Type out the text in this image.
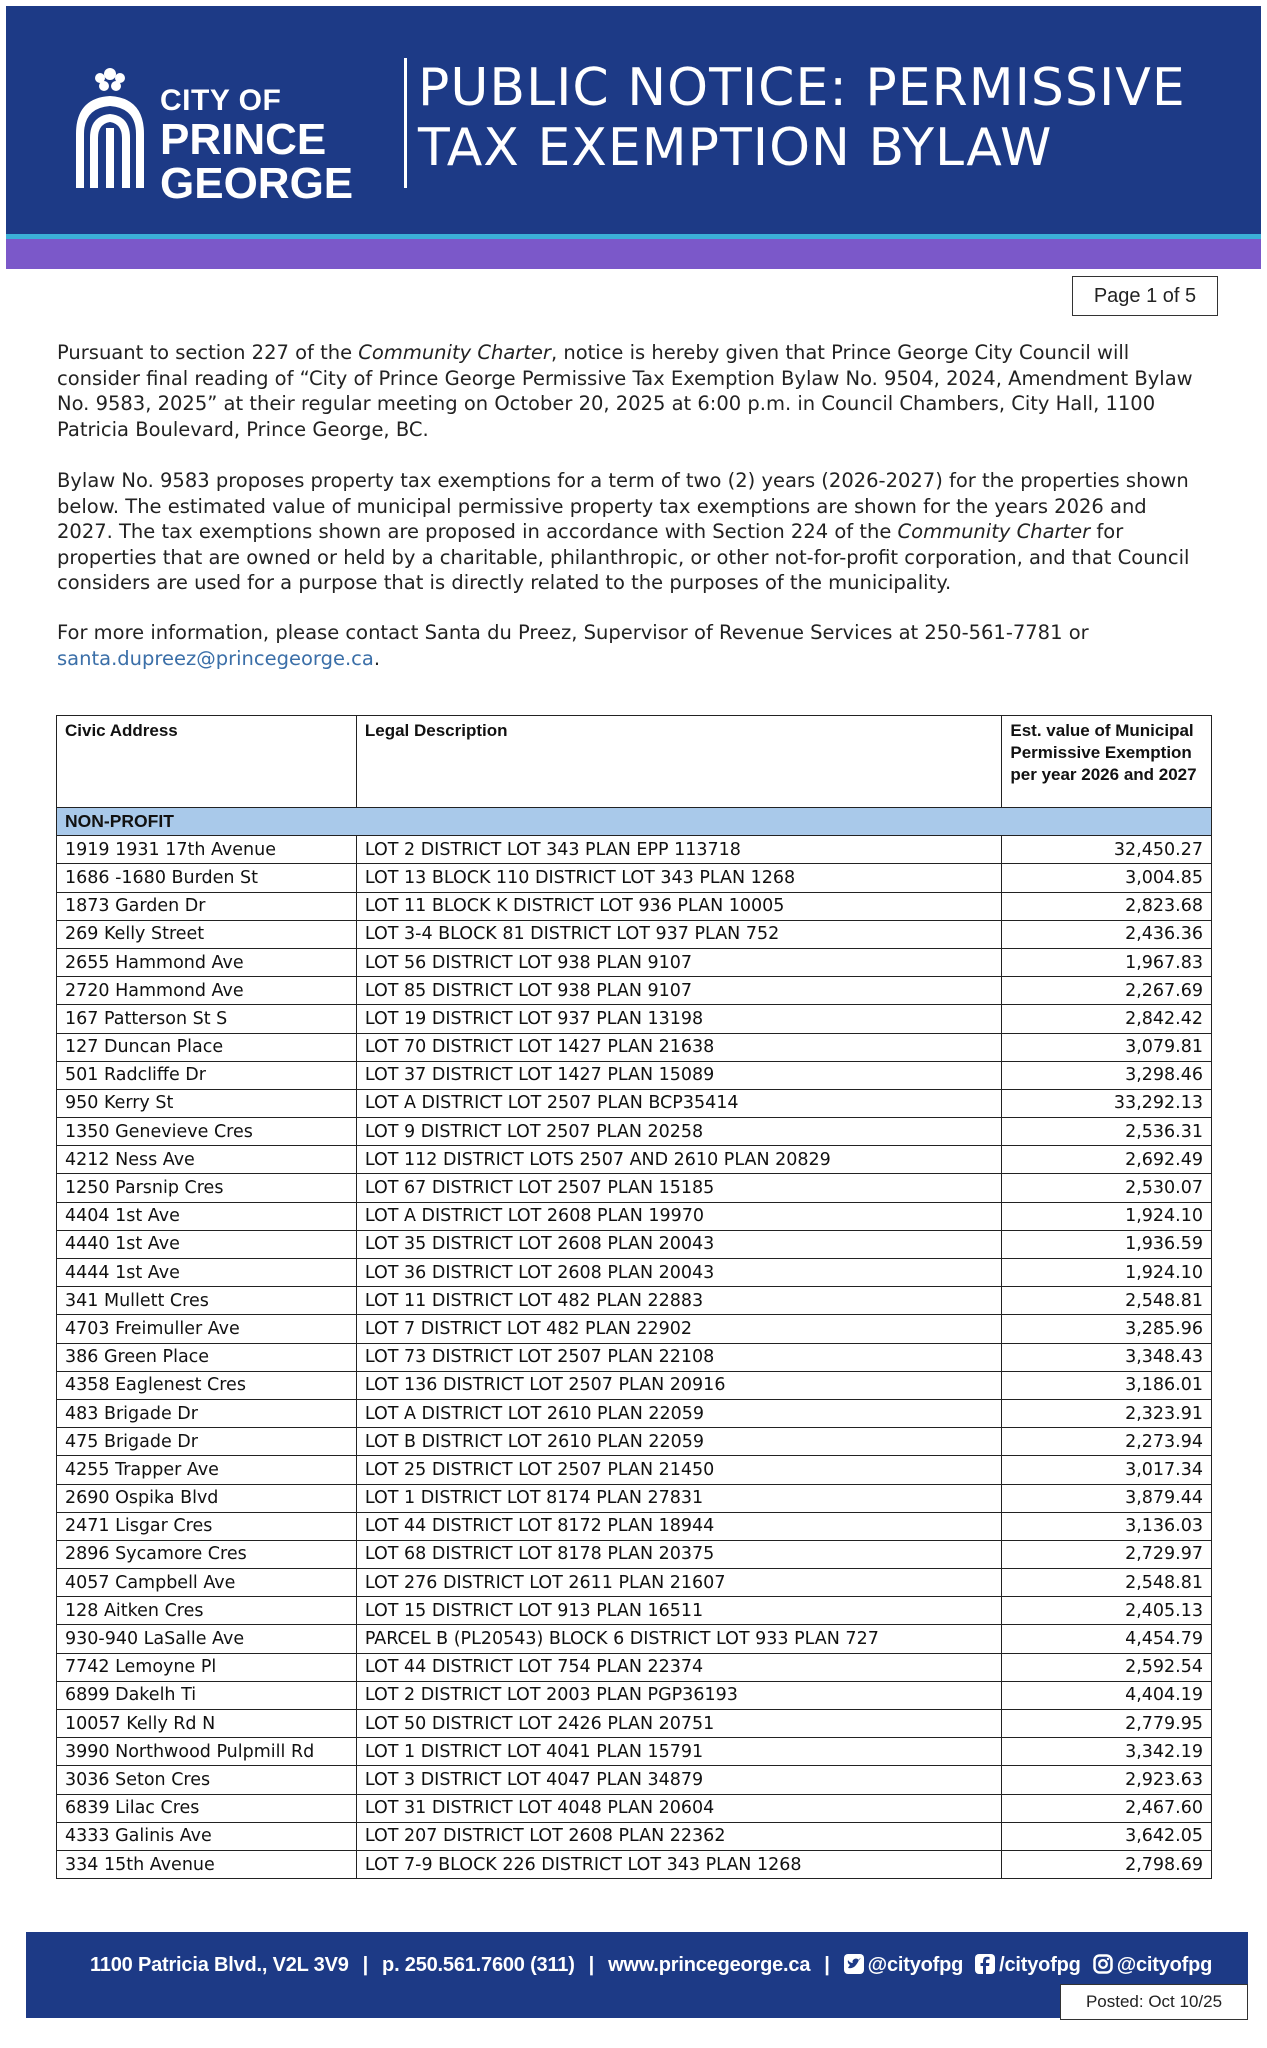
CITY OF
PRINCE
GEORGE
PUBLIC NOTICE: PERMISSIVE
TAX EXEMPTION BYLAW
Page 1 of 5
Pursuant to section 227 of the Community Charter, notice is hereby given that Prince George City Council will consider final reading of “City of Prince George Permissive Tax Exemption Bylaw No. 9504, 2024, Amendment Bylaw No. 9583, 2025” at their regular meeting on October 20, 2025 at 6:00 p.m. in Council Chambers, City Hall, 1100 Patricia Boulevard, Prince George, BC.
Bylaw No. 9583 proposes property tax exemptions for a term of two (2) years (2026-2027) for the properties shown below. The estimated value of municipal permissive property tax exemptions are shown for the years 2026 and 2027. The tax exemptions shown are proposed in accordance with Section 224 of the Community Charter for properties that are owned or held by a charitable, philanthropic, or other not-for-profit corporation, and that Council considers are used for a purpose that is directly related to the purposes of the municipality.
For more information, please contact Santa du Preez, Supervisor of Revenue Services at 250-561-7781 or
santa.dupreez@princegeorge.ca.
Civic Address	Legal Description	Est. value of Municipal Permissive Exemption per year 2026 and 2027
NON-PROFIT		
1919 1931 17th Avenue	LOT 2 DISTRICT LOT 343 PLAN EPP 113718	32,450.27
1686 -1680 Burden St	LOT 13 BLOCK 110 DISTRICT LOT 343 PLAN 1268	3,004.85
1873 Garden Dr	LOT 11 BLOCK K DISTRICT LOT 936 PLAN 10005	2,823.68
269 Kelly Street	LOT 3-4 BLOCK 81 DISTRICT LOT 937 PLAN 752	2,436.36
2655 Hammond Ave	LOT 56 DISTRICT LOT 938 PLAN 9107	1,967.83
2720 Hammond Ave	LOT 85 DISTRICT LOT 938 PLAN 9107	2,267.69
167 Patterson St S	LOT 19 DISTRICT LOT 937 PLAN 13198	2,842.42
127 Duncan Place	LOT 70 DISTRICT LOT 1427 PLAN 21638	3,079.81
501 Radcliffe Dr	LOT 37 DISTRICT LOT 1427 PLAN 15089	3,298.46
950 Kerry St	LOT A DISTRICT LOT 2507 PLAN BCP35414	33,292.13
1350 Genevieve Cres	LOT 9 DISTRICT LOT 2507 PLAN 20258	2,536.31
4212 Ness Ave	LOT 112 DISTRICT LOTS 2507 AND 2610 PLAN 20829	2,692.49
1250 Parsnip Cres	LOT 67 DISTRICT LOT 2507 PLAN 15185	2,530.07
4404 1st Ave	LOT A DISTRICT LOT 2608 PLAN 19970	1,924.10
4440 1st Ave	LOT 35 DISTRICT LOT 2608 PLAN 20043	1,936.59
4444 1st Ave	LOT 36 DISTRICT LOT 2608 PLAN 20043	1,924.10
341 Mullett Cres	LOT 11 DISTRICT LOT 482 PLAN 22883	2,548.81
4703 Freimuller Ave	LOT 7 DISTRICT LOT 482 PLAN 22902	3,285.96
386 Green Place	LOT 73 DISTRICT LOT 2507 PLAN 22108	3,348.43
4358 Eaglenest Cres	LOT 136 DISTRICT LOT 2507 PLAN 20916	3,186.01
483 Brigade Dr	LOT A DISTRICT LOT 2610 PLAN 22059	2,323.91
475 Brigade Dr	LOT B DISTRICT LOT 2610 PLAN 22059	2,273.94
4255 Trapper Ave	LOT 25 DISTRICT LOT 2507 PLAN 21450	3,017.34
2690 Ospika Blvd	LOT 1 DISTRICT LOT 8174 PLAN 27831	3,879.44
2471 Lisgar Cres	LOT 44 DISTRICT LOT 8172 PLAN 18944	3,136.03
2896 Sycamore Cres	LOT 68 DISTRICT LOT 8178 PLAN 20375	2,729.97
4057 Campbell Ave	LOT 276 DISTRICT LOT 2611 PLAN 21607	2,548.81
128 Aitken Cres	LOT 15 DISTRICT LOT 913 PLAN 16511	2,405.13
930-940 LaSalle Ave	PARCEL B (PL20543) BLOCK 6 DISTRICT LOT 933 PLAN 727	4,454.79
7742 Lemoyne Pl	LOT 44 DISTRICT LOT 754 PLAN 22374	2,592.54
6899 Dakelh Ti	LOT 2 DISTRICT LOT 2003 PLAN PGP36193	4,404.19
10057 Kelly Rd N	LOT 50 DISTRICT LOT 2426 PLAN 20751	2,779.95
3990 Northwood Pulpmill Rd	LOT 1 DISTRICT LOT 4041 PLAN 15791	3,342.19
3036 Seton Cres	LOT 3 DISTRICT LOT 4047 PLAN 34879	2,923.63
6839 Lilac Cres	LOT 31 DISTRICT LOT 4048 PLAN 20604	2,467.60
4333 Galinis Ave	LOT 207 DISTRICT LOT 2608 PLAN 22362	3,642.05
334 15th Avenue	LOT 7-9 BLOCK 226 DISTRICT LOT 343 PLAN 1268	2,798.69
1100 Patricia Blvd., V2L 3V9 | p. 250.561.7600 (311) | www.princegeorge.ca | @cityofpg /cityofpg @cityofpg
Posted: Oct 10/25
